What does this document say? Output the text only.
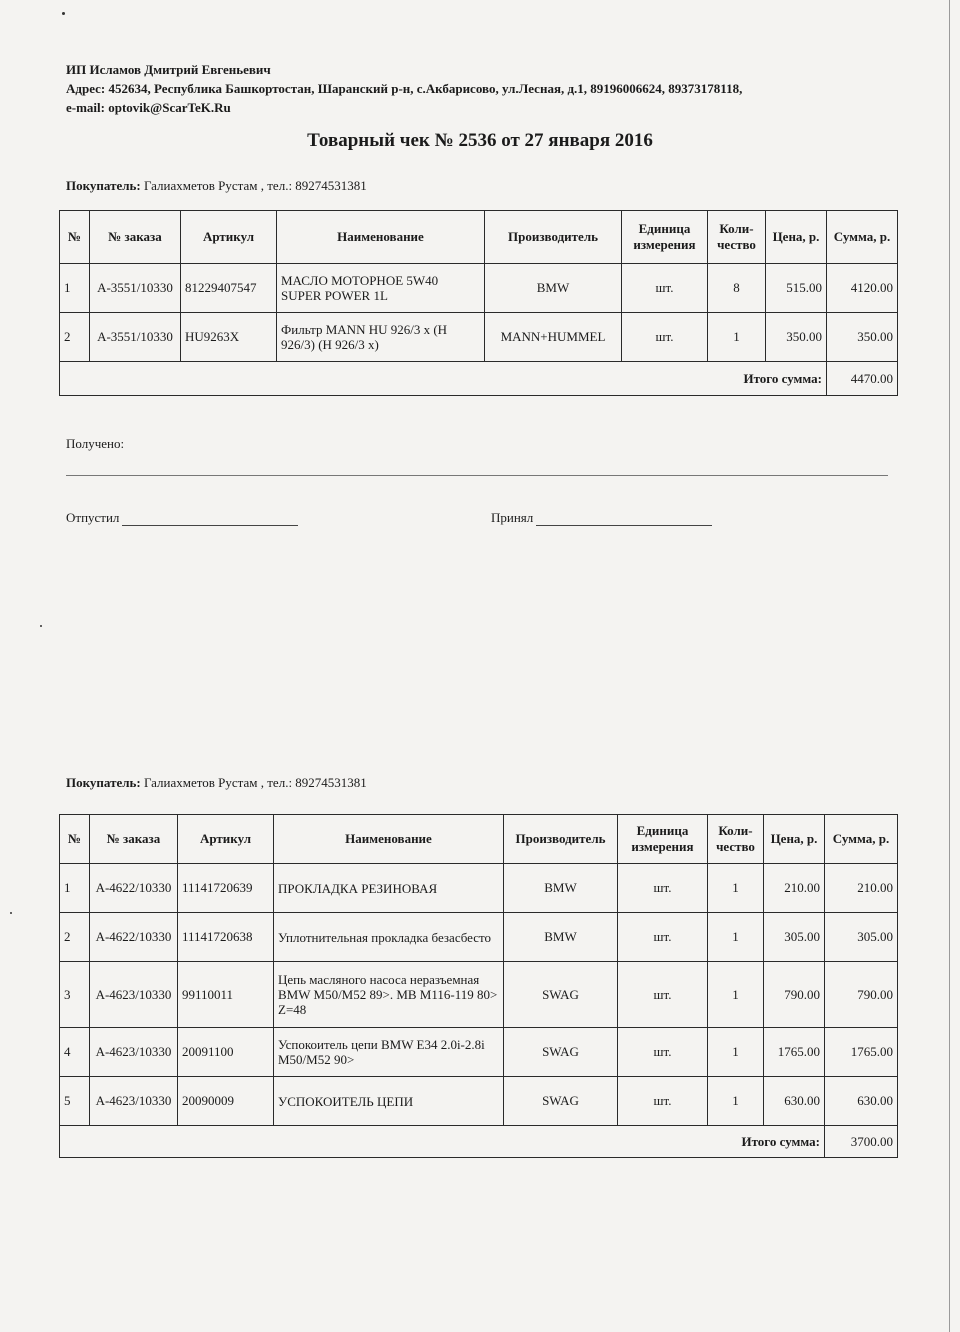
ИП Исламов Дмитрий Евгеньевич
Адрес: 452634, Республика Башкортостан, Шаранский р-н, с.Акбарисово, ул.Лесная, д.1, 89196006624, 89373178118,
e-mail: optovik@ScarTeK.Ru
Товарный чек № 2536 от 27 января 2016
Покупатель: Галиахметов Рустам , тел.: 89274531381
№	№ заказа	Артикул	Наименование	Производитель	Единица измерения	Коли-чество	Цена, р.	Сумма, р.
1	А-3551/10330	81229407547	МАСЛО МОТОРНОЕ 5W40 SUPER POWER 1L	BMW	шт.	8	515.00	4120.00
2	А-3551/10330	HU9263X	Фильтр MANN HU 926/3 x (H 926/3) (H 926/3 x)	MANN+HUMMEL	шт.	1	350.00	350.00
Итого сумма:								4470.00
Получено:
Отпустил	Принял
Покупатель: Галиахметов Рустам , тел.: 89274531381
№	№ заказа	Артикул	Наименование	Производитель	Единица измерения	Коли-чество	Цена, р.	Сумма, р.
1	А-4622/10330	11141720639	ПРОКЛАДКА РЕЗИНОВАЯ	BMW	шт.	1	210.00	210.00
2	А-4622/10330	11141720638	Уплотнительная прокладка безасбесто	BMW	шт.	1	305.00	305.00
3	А-4623/10330	99110011	Цепь масляного насоса неразъемная BMW M50/M52 89>. MB M116-119 80> Z=48	SWAG	шт.	1	790.00	790.00
4	А-4623/10330	20091100	Успокоитель цепи BMW E34 2.0i-2.8i M50/M52 90>	SWAG	шт.	1	1765.00	1765.00
5	А-4623/10330	20090009	УСПОКОИТЕЛЬ ЦЕПИ	SWAG	шт.	1	630.00	630.00
Итого сумма:								3700.00
